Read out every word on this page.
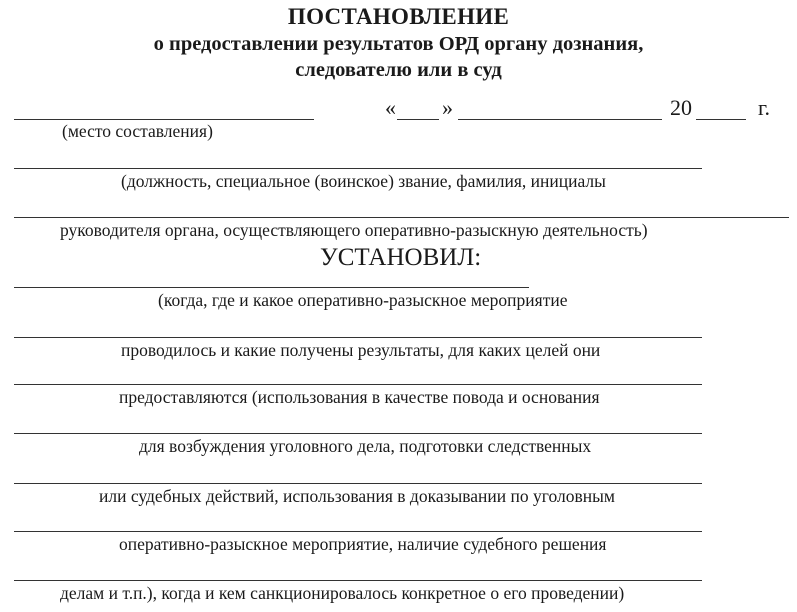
ПОСТАНОВЛЕНИЕ
о предоставлении результатов ОРД органу дознания,
следователю или в суд
« »	20	г.
(место составления)
(должность, специальное (воинское) звание, фамилия, инициалы
руководителя органа, осуществляющего оперативно-разыскную деятельность)
УСТАНОВИЛ:
(когда, где и какое оперативно-разыскное мероприятие
проводилось и какие получены результаты, для каких целей они
предоставляются (использования в качестве повода и основания
для возбуждения уголовного дела, подготовки следственных
или судебных действий, использования в доказывании по уголовным
оперативно-разыскное мероприятие, наличие судебного решения
делам и т.п.), когда и кем санкционировалось конкретное о его проведении)
